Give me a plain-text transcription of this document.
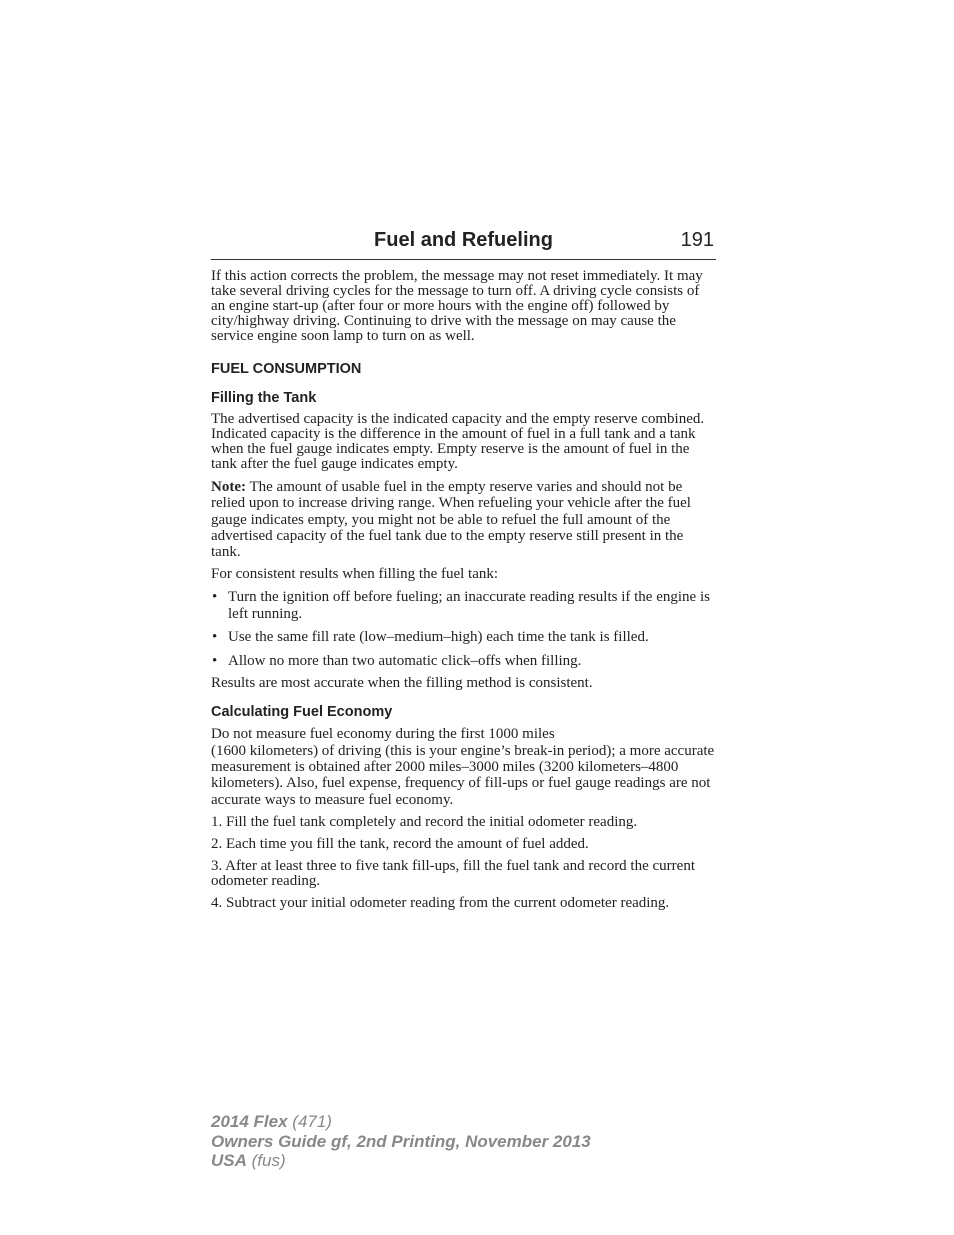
Fuel and Refueling	191

If this action corrects the problem, the message may not reset immediately. It may take several driving cycles for the message to turn off. A driving cycle consists of an engine start-up (after four or more hours with the engine off) followed by city/highway driving. Continuing to drive with the message on may cause the service engine soon lamp to turn on as well.

FUEL CONSUMPTION
Filling the Tank

The advertised capacity is the indicated capacity and the empty reserve combined. Indicated capacity is the difference in the amount of fuel in a full tank and a tank when the fuel gauge indicates empty. Empty reserve is the amount of fuel in the tank after the fuel gauge indicates empty.

Note: The amount of usable fuel in the empty reserve varies and should not be relied upon to increase driving range. When refueling your vehicle after the fuel gauge indicates empty, you might not be able to refuel the full amount of the advertised capacity of the fuel tank due to the empty reserve still present in the tank.

For consistent results when filling the fuel tank:

• Turn the ignition off before fueling; an inaccurate reading results if the engine is left running.
• Use the same fill rate (low–medium–high) each time the tank is filled.
• Allow no more than two automatic click–offs when filling.

Results are most accurate when the filling method is consistent.

Calculating Fuel Economy

Do not measure fuel economy during the first 1000 miles
(1600 kilometers) of driving (this is your engine’s break-in period); a more accurate measurement is obtained after 2000 miles–3000 miles (3200 kilometers–4800 kilometers). Also, fuel expense, frequency of fill-ups or fuel gauge readings are not accurate ways to measure fuel economy.

1. Fill the fuel tank completely and record the initial odometer reading.

2. Each time you fill the tank, record the amount of fuel added.

3. After at least three to five tank fill-ups, fill the fuel tank and record the current odometer reading.

4. Subtract your initial odometer reading from the current odometer reading.

2014 Flex (471)
Owners Guide gf, 2nd Printing, November 2013
USA (fus)
